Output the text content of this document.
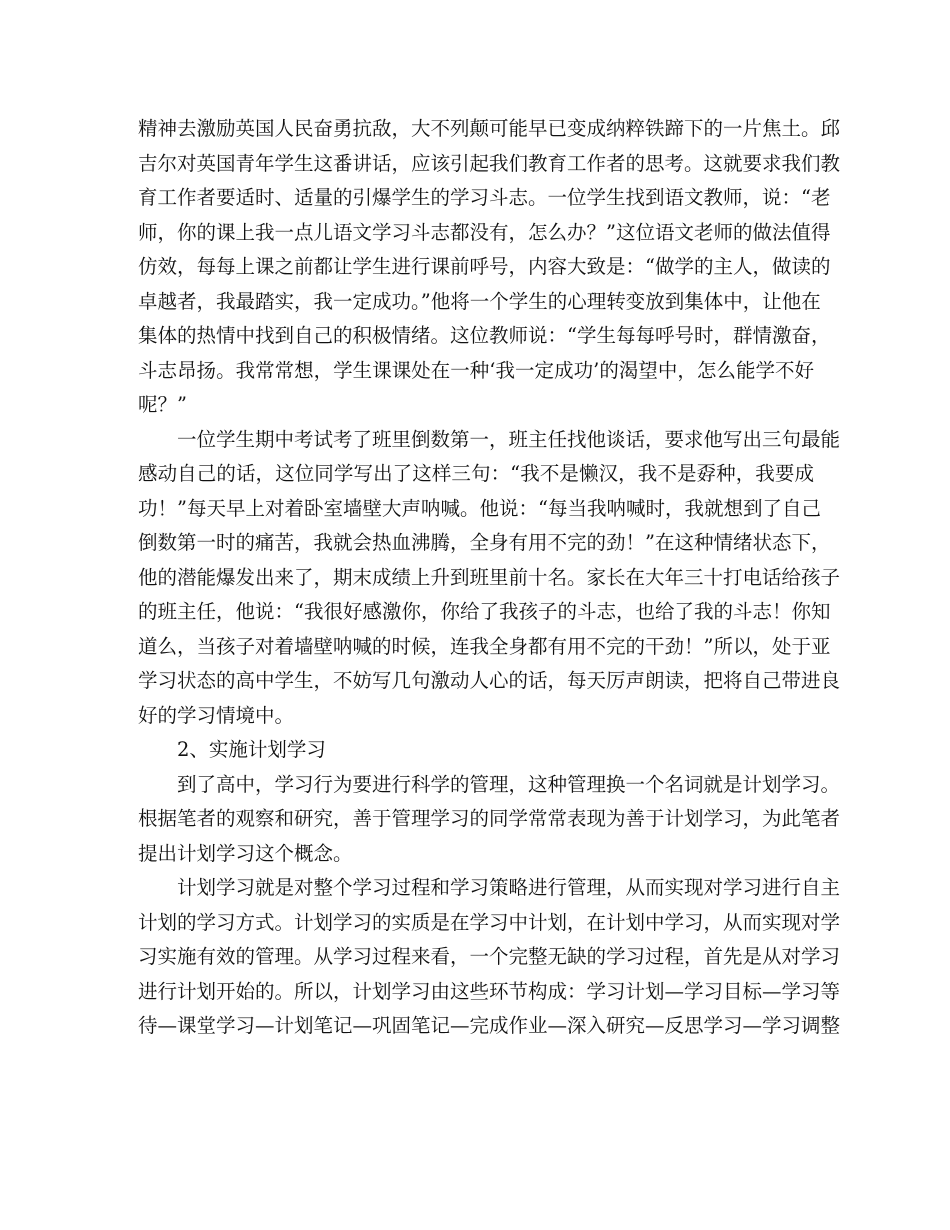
精神去激励英国人民奋勇抗敌，大不列颠可能早已变成纳粹铁蹄下的一片焦土。邱
吉尔对英国青年学生这番讲话，应该引起我们教育工作者的思考。这就要求我们教
育工作者要适时、适量的引爆学生的学习斗志。一位学生找到语文教师，说：“老
师，你的课上我一点儿语文学习斗志都没有，怎么办？”这位语文老师的做法值得
仿效，每每上课之前都让学生进行课前呼号，内容大致是：“做学的主人，做读的
卓越者，我最踏实，我一定成功。”他将一个学生的心理转变放到集体中，让他在
集体的热情中找到自己的积极情绪。这位教师说：“学生每每呼号时，群情激奋，
斗志昂扬。我常常想，学生课课处在一种‘我一定成功’的渴望中，怎么能学不好
呢？”
一位学生期中考试考了班里倒数第一，班主任找他谈话，要求他写出三句最能
感动自己的话，这位同学写出了这样三句：“我不是懒汉，我不是孬种，我要成
功！”每天早上对着卧室墙壁大声呐喊。他说：“每当我呐喊时，我就想到了自己
倒数第一时的痛苦，我就会热血沸腾，全身有用不完的劲！”在这种情绪状态下，
他的潜能爆发出来了，期末成绩上升到班里前十名。家长在大年三十打电话给孩子
的班主任，他说：“我很好感激你，你给了我孩子的斗志，也给了我的斗志！你知
道么，当孩子对着墙壁呐喊的时候，连我全身都有用不完的干劲！”所以，处于亚
学习状态的高中学生，不妨写几句激动人心的话，每天厉声朗读，把将自己带进良
好的学习情境中。
2、实施计划学习
到了高中，学习行为要进行科学的管理，这种管理换一个名词就是计划学习。
根据笔者的观察和研究，善于管理学习的同学常常表现为善于计划学习，为此笔者
提出计划学习这个概念。
计划学习就是对整个学习过程和学习策略进行管理，从而实现对学习进行自主
计划的学习方式。计划学习的实质是在学习中计划，在计划中学习，从而实现对学
习实施有效的管理。从学习过程来看，一个完整无缺的学习过程，首先是从对学习
进行计划开始的。所以，计划学习由这些环节构成：学习计划—学习目标—学习等
待—课堂学习—计划笔记—巩固笔记—完成作业—深入研究—反思学习—学习调整
